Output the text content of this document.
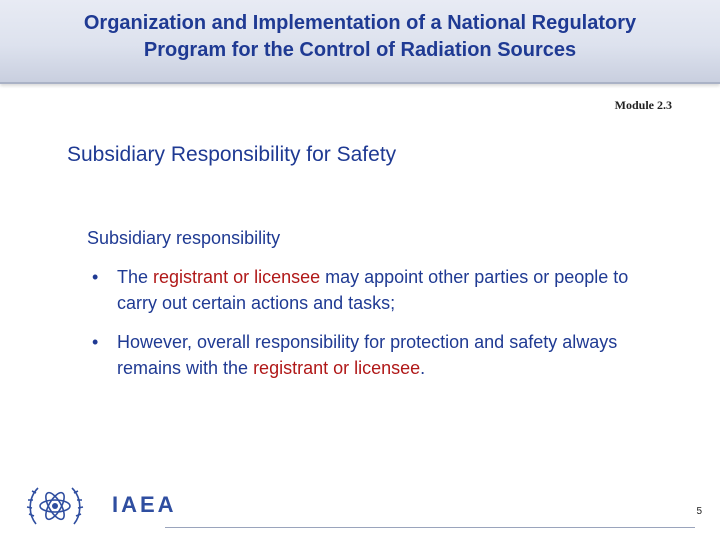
Organization and Implementation of a National Regulatory
Program for the Control of Radiation Sources
Module 2.3
Subsidiary Responsibility for Safety
Subsidiary responsibility
• The registrant or licensee may appoint other parties or people to carry out certain actions and tasks;
• However, overall responsibility for protection and safety always remains with the registrant or licensee.
IAEA	5
